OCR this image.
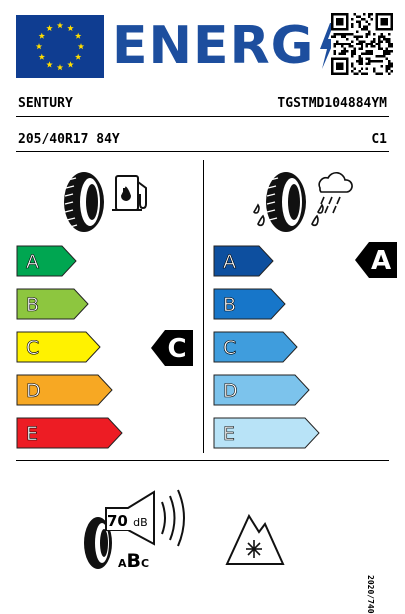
ENERG
SENTURY	TGSTMD104884YM
205/40R17 84Y	C1
A
B
C
D
E
A
B
C
D
E
C
A
70 dB
ABC
2020/740
